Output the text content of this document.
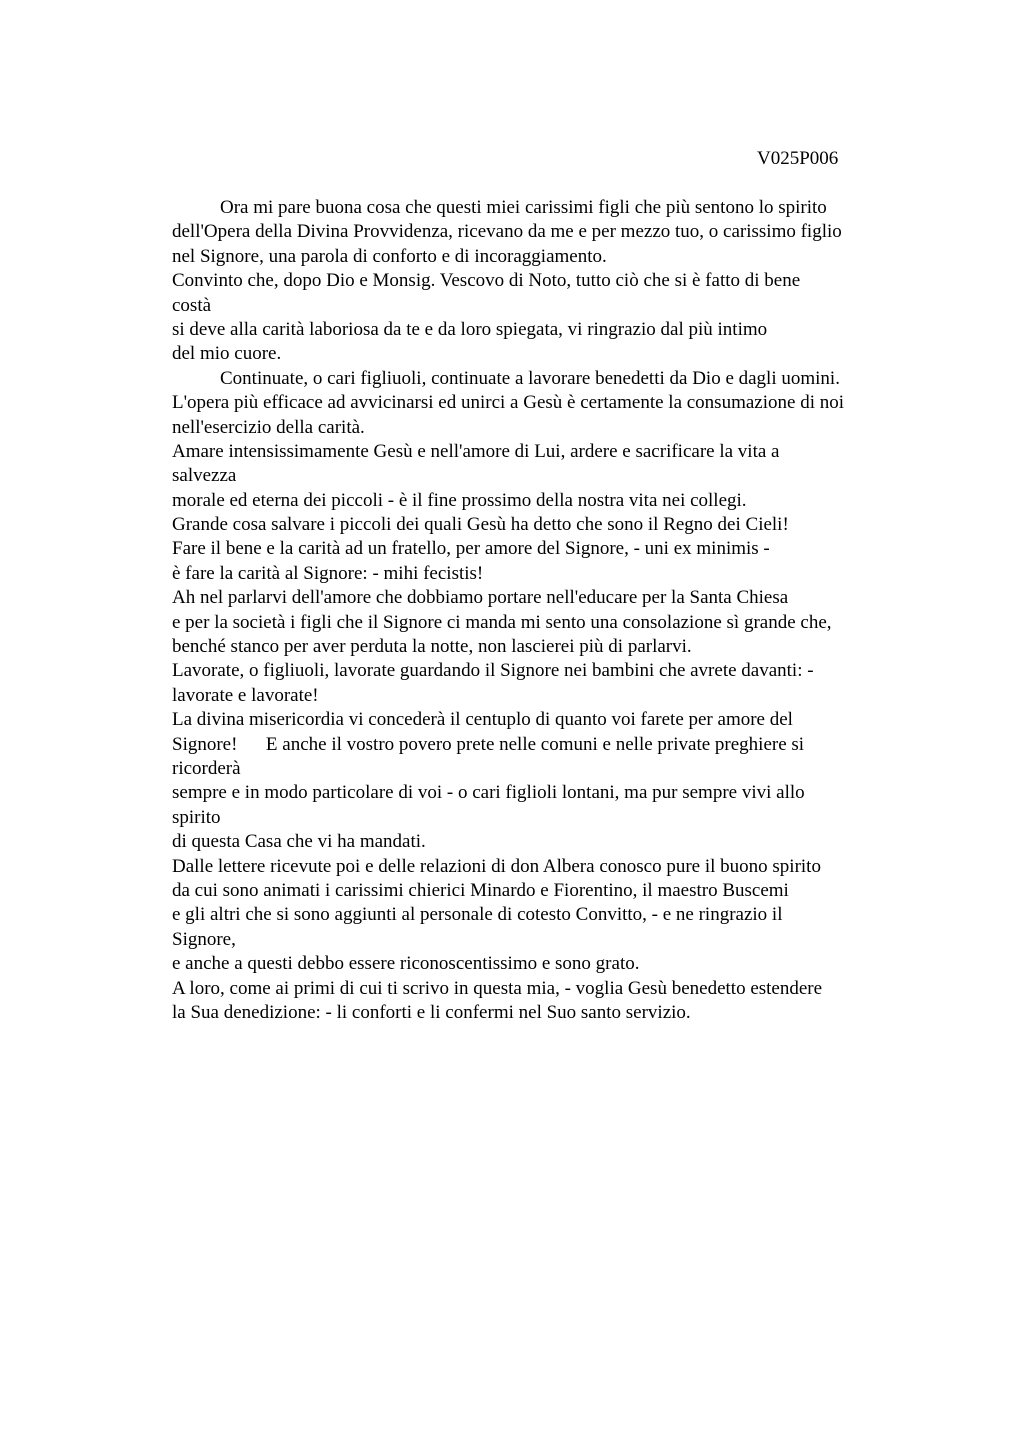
V025P006
Ora mi pare buona cosa che questi miei carissimi figli che più sentono lo spirito
dell'Opera della Divina Provvidenza, ricevano da me e per mezzo tuo, o carissimo figlio
nel Signore, una parola di conforto e di incoraggiamento.
Convinto che, dopo Dio e Monsig. Vescovo di Noto, tutto ciò che si è fatto di bene
costà
si deve alla carità laboriosa da te e da loro spiegata, vi ringrazio dal più intimo
del mio cuore.
Continuate, o cari figliuoli, continuate a lavorare benedetti da Dio e dagli uomini.
L'opera più efficace ad avvicinarsi ed unirci a Gesù è certamente la consumazione di noi
nell'esercizio della carità.
Amare intensissimamente Gesù e nell'amore di Lui, ardere e sacrificare la vita a
salvezza
morale ed eterna dei piccoli - è il fine prossimo della nostra vita nei collegi.
Grande cosa salvare i piccoli dei quali Gesù ha detto che sono il Regno dei Cieli!
Fare il bene e la carità ad un fratello, per amore del Signore, - uni ex minimis -
è fare la carità al Signore: - mihi fecistis!
Ah nel parlarvi dell'amore che dobbiamo portare nell'educare per la Santa Chiesa
e per la società i figli che il Signore ci manda mi sento una consolazione sì grande che,
benché stanco per aver perduta la notte, non lascierei più di parlarvi.
Lavorate, o figliuoli, lavorate guardando il Signore nei bambini che avrete davanti: -
lavorate e lavorate!
La divina misericordia vi concederà il centuplo di quanto voi farete per amore del
Signore!      E anche il vostro povero prete nelle comuni e nelle private preghiere si
ricorderà
sempre e in modo particolare di voi - o cari figlioli lontani, ma pur sempre vivi allo
spirito
di questa Casa che vi ha mandati.
Dalle lettere ricevute poi e delle relazioni di don Albera conosco pure il buono spirito
da cui sono animati i carissimi chierici Minardo e Fiorentino, il maestro Buscemi
e gli altri che si sono aggiunti al personale di cotesto Convitto, - e ne ringrazio il
Signore,
e anche a questi debbo essere riconoscentissimo e sono grato.
A loro, come ai primi di cui ti scrivo in questa mia, - voglia Gesù benedetto estendere
la Sua denedizione: - li conforti e li confermi nel Suo santo servizio.
